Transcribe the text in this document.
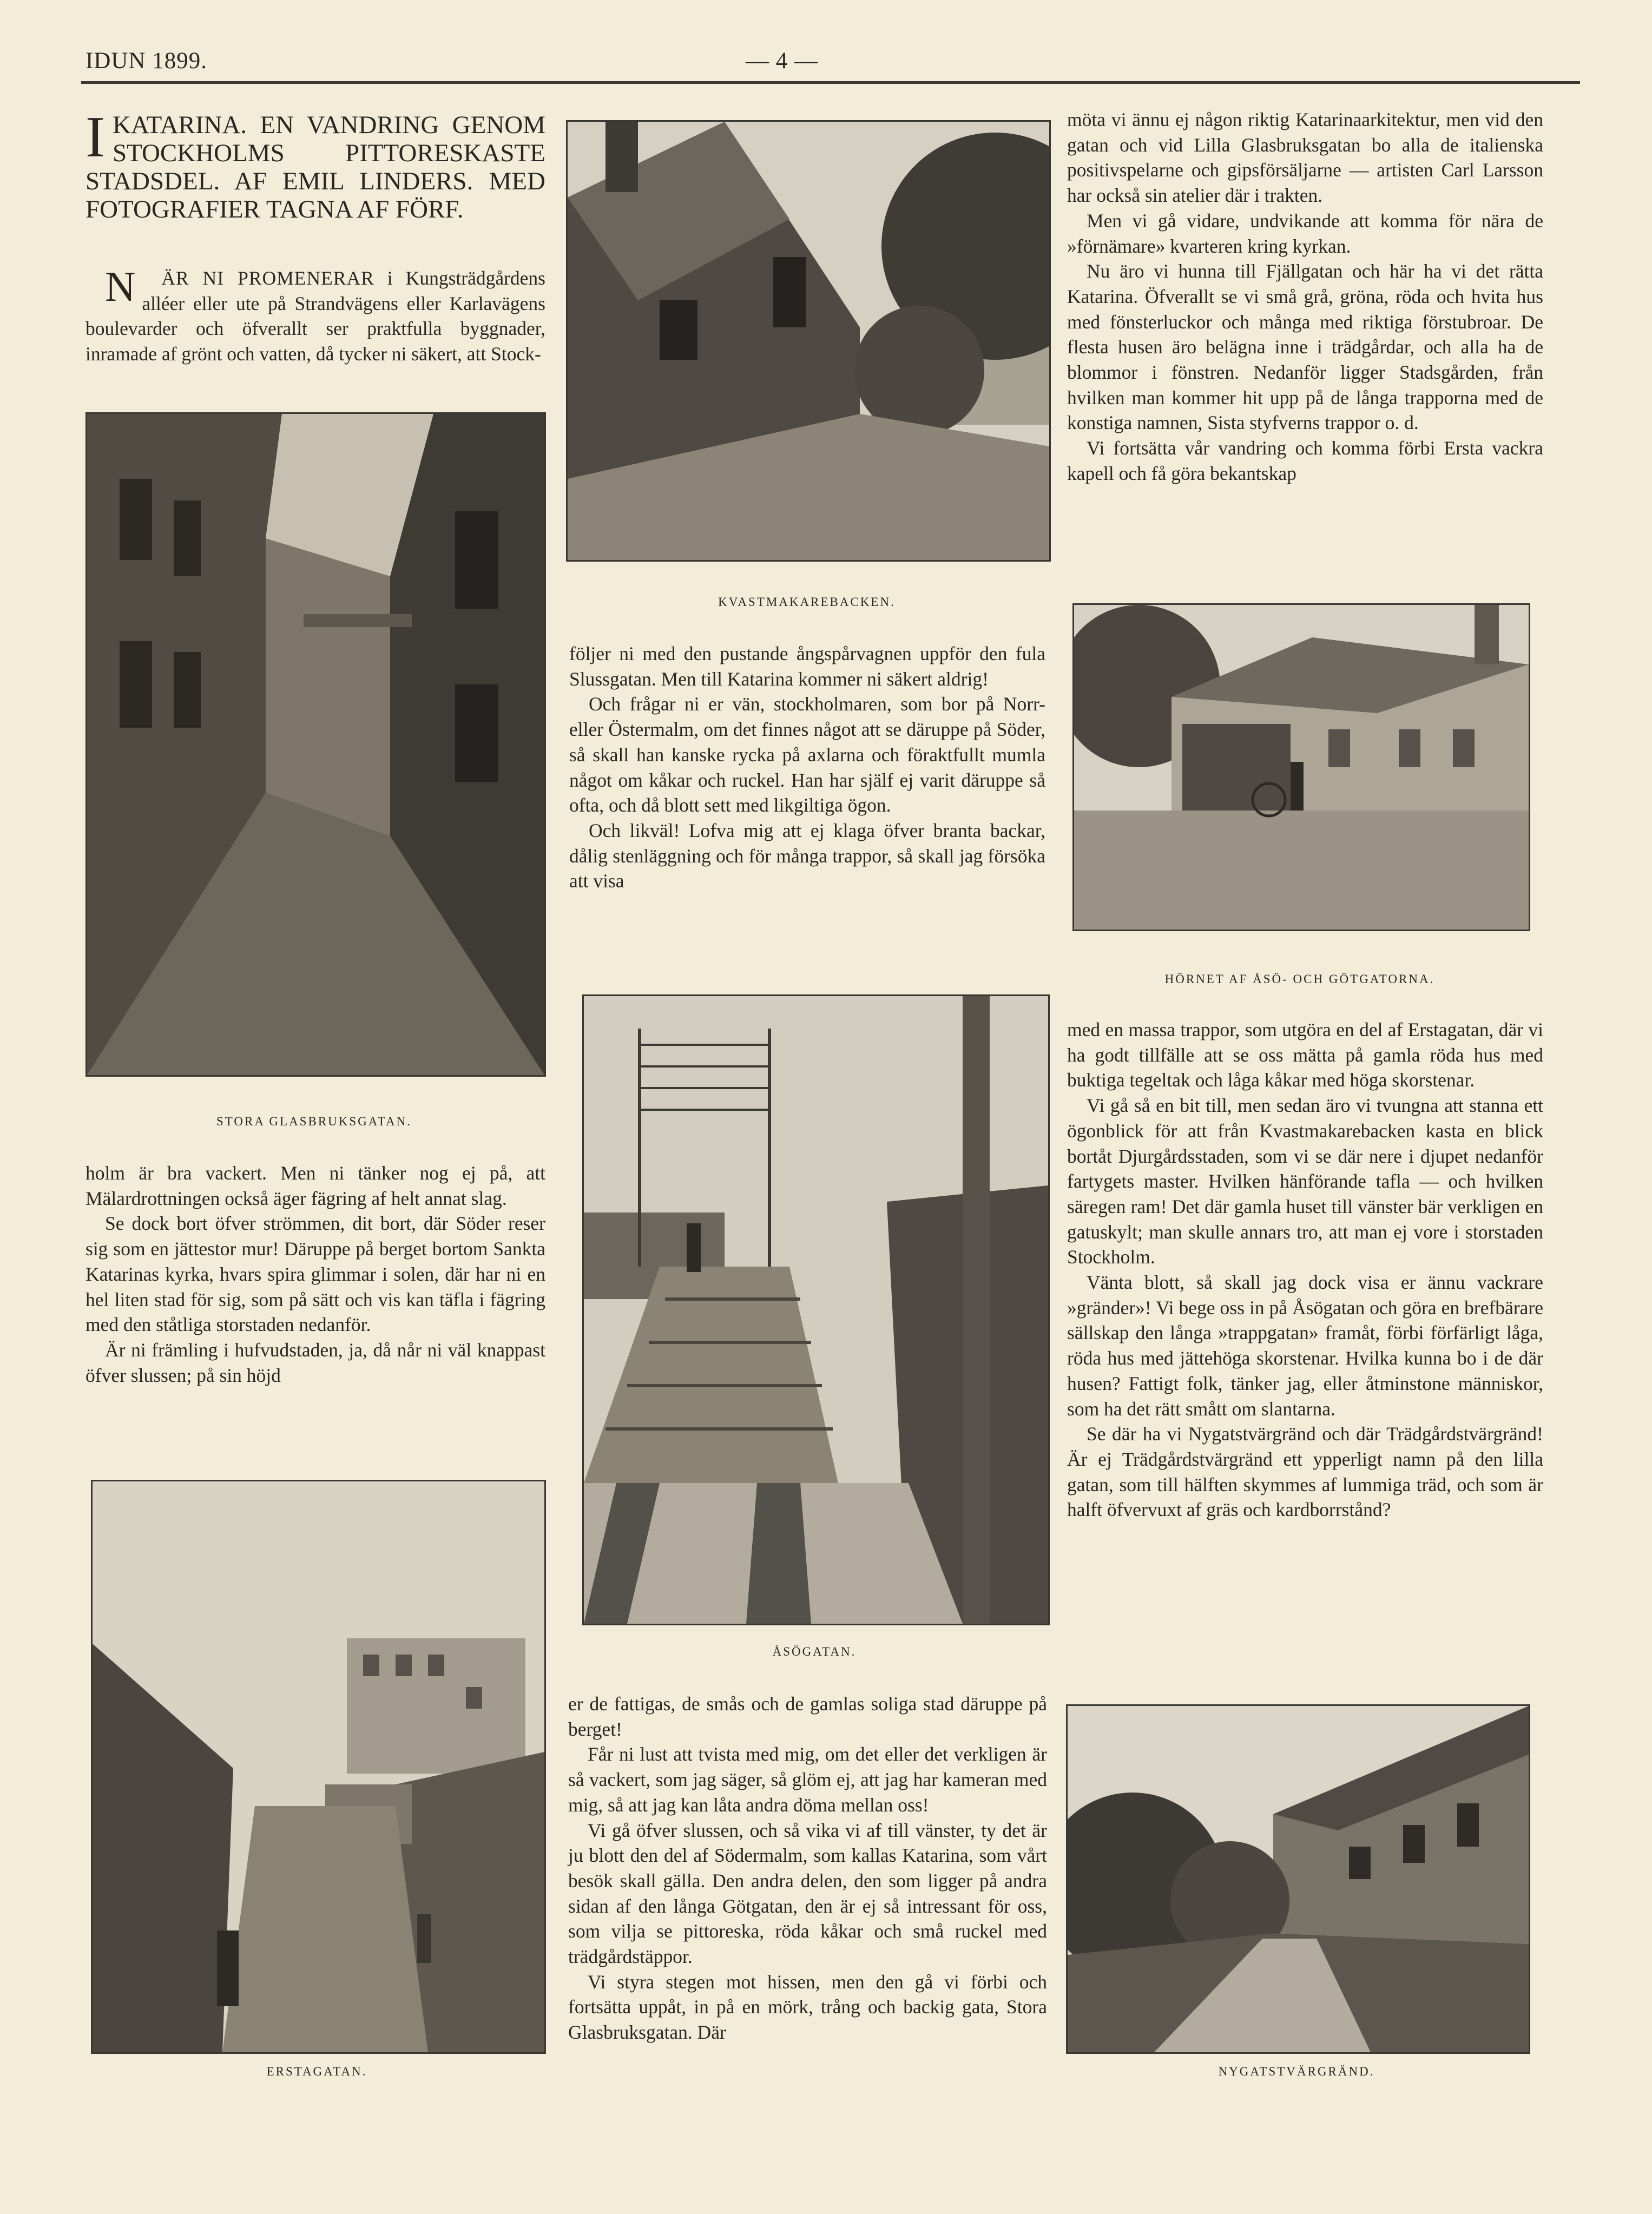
IDUN 1899.	— 4 —
IKATARINA. EN VANDRING GENOM STOCKHOLMS PITTORESKASTE STADSDEL. AF EMIL LINDERS. MED FOTOGRAFIER TAGNA AF FÖRF.

N ÄR NI PROMENERAR i Kungsträdgårdens alléer eller ute på Strandvägens eller Karlavägens boulevarder och öfverallt ser praktfulla byggnader, inramade af grönt och vatten, då tycker ni säkert, att Stock-

STORA GLASBRUKSGATAN.

holm är bra vackert. Men ni tänker nog ej på, att Mälardrottningen också äger fägring af helt annat slag.

Se dock bort öfver strömmen, dit bort, där Söder reser sig som en jättestor mur! Däruppe på berget bortom Sankta Katarinas kyrka, hvars spira glimmar i solen, där har ni en hel liten stad för sig, som på sätt och vis kan täfla i fägring med den ståtliga storstaden nedanför.

Är ni främling i hufvudstaden, ja, då når ni väl knappast öfver slussen; på sin höjd

ERSTAGATAN.
KVASTMAKAREBACKEN.

följer ni med den pustande ångspårvagnen uppför den fula Slussgatan. Men till Katarina kommer ni säkert aldrig!

Och frågar ni er vän, stockholmaren, som bor på Norr- eller Östermalm, om det finnes något att se däruppe på Söder, så skall han kanske rycka på axlarna och föraktfullt mumla något om kåkar och ruckel. Han har själf ej varit däruppe så ofta, och då blott sett med likgiltiga ögon.

Och likväl! Lofva mig att ej klaga öfver branta backar, dålig stenläggning och för många trappor, så skall jag försöka att visa

ÅSÖGATAN.

er de fattigas, de smås och de gamlas soliga stad däruppe på berget!

Får ni lust att tvista med mig, om det eller det verkligen är så vackert, som jag säger, så glöm ej, att jag har kameran med mig, så att jag kan låta andra döma mellan oss!

Vi gå öfver slussen, och så vika vi af till vänster, ty det är ju blott den del af Södermalm, som kallas Katarina, som vårt besök skall gälla. Den andra delen, den som ligger på andra sidan af den långa Götgatan, den är ej så intressant för oss, som vilja se pittoreska, röda kåkar och små ruckel med trädgårdstäppor.

Vi styra stegen mot hissen, men den gå vi förbi och fortsätta uppåt, in på en mörk, trång och backig gata, Stora Glasbruksgatan. Där

möta vi ännu ej någon riktig Katarinaarkitektur, men vid den gatan och vid Lilla Glasbruksgatan bo alla de italienska positivspelarne och gipsförsäljarne — artisten Carl Larsson har också sin atelier där i trakten.

Men vi gå vidare, undvikande att komma för nära de »förnämare» kvarteren kring kyrkan.

Nu äro vi hunna till Fjällgatan och här ha vi det rätta Katarina. Öfverallt se vi små grå, gröna, röda och hvita hus med fönsterluckor och många med riktiga förstubroar. De flesta husen äro belägna inne i trädgårdar, och alla ha de blommor i fönstren. Nedanför ligger Stadsgården, från hvilken man kommer hit upp på de långa trapporna med de konstiga namnen, Sista styfverns trappor o. d.

Vi fortsätta vår vandring och komma förbi Ersta vackra kapell och få göra bekantskap

HÖRNET AF ÅSÖ- OCH GÖTGATORNA.

med en massa trappor, som utgöra en del af Erstagatan, där vi ha godt tillfälle att se oss mätta på gamla röda hus med buktiga tegeltak och låga kåkar med höga skorstenar.

Vi gå så en bit till, men sedan äro vi tvungna att stanna ett ögonblick för att från Kvastmakarebacken kasta en blick bortåt Djurgårdsstaden, som vi se där nere i djupet nedanför fartygets master. Hvilken hänförande tafla — och hvilken säregen ram! Det där gamla huset till vänster bär verkligen en gatuskylt; man skulle annars tro, att man ej vore i storstaden Stockholm.

Vänta blott, så skall jag dock visa er ännu vackrare »gränder»! Vi bege oss in på Åsögatan och göra en brefbärare sällskap den långa »trappgatan» framåt, förbi förfärligt låga, röda hus med jättehöga skorstenar. Hvilka kunna bo i de där husen? Fattigt folk, tänker jag, eller åtminstone människor, som ha det rätt smått om slantarna.

Se där ha vi Nygatstvärgränd och där Trädgårdstvärgränd! Är ej Trädgårdstvärgränd ett ypperligt namn på den lilla gatan, som till hälften skymmes af lummiga träd, och som är halft öfvervuxt af gräs och kardborrstånd?

NYGATSTVÄRGRÄND.
